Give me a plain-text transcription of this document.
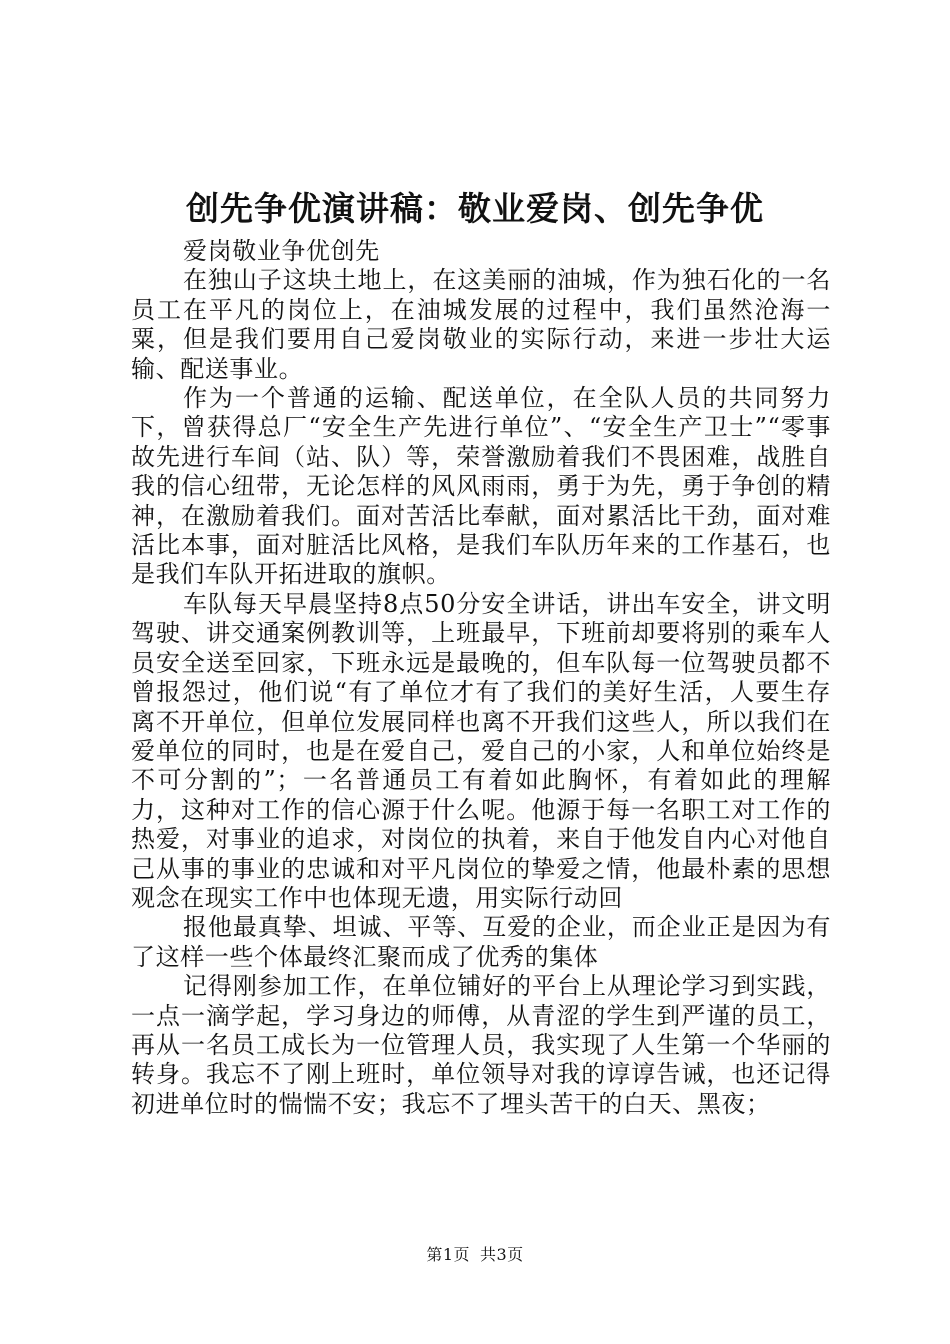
创先争优演讲稿：敬业爱岗、创先争优

爱岗敬业争优创先

在独山子这块土地上，在这美丽的油城，作为独石化的一名员工在平凡的岗位上，在油城发展的过程中，我们虽然沧海一粟，但是我们要用自己爱岗敬业的实际行动，来进一步壮大运输、配送事业。

作为一个普通的运输、配送单位，在全队人员的共同努力下，曾获得总厂“安全生产先进行单位”、“安全生产卫士”“零事故先进行车间（站、队）等，荣誉激励着我们不畏困难，战胜自我的信心纽带，无论怎样的风风雨雨，勇于为先，勇于争创的精神，在激励着我们。面对苦活比奉献，面对累活比干劲，面对难活比本事，面对脏活比风格，是我们车队历年来的工作基石，也是我们车队开拓进取的旗帜。

车队每天早晨坚持8点50分安全讲话，讲出车安全，讲文明驾驶、讲交通案例教训等，上班最早，下班前却要将别的乘车人员安全送至回家，下班永远是最晚的，但车队每一位驾驶员都不曾报怨过，他们说“有了单位才有了我们的美好生活，人要生存离不开单位，但单位发展同样也离不开我们这些人，所以我们在爱单位的同时，也是在爱自己，爱自己的小家，人和单位始终是不可分割的”；一名普通员工有着如此胸怀，有着如此的理解力，这种对工作的信心源于什么呢。他源于每一名职工对工作的热爱，对事业的追求，对岗位的执着，来自于他发自内心对他自己从事的事业的忠诚和对平凡岗位的挚爱之情，他最朴素的思想观念在现实工作中也体现无遗，用实际行动回

报他最真挚、坦诚、平等、互爱的企业，而企业正是因为有了这样一些个体最终汇聚而成了优秀的集体

记得刚参加工作，在单位铺好的平台上从理论学习到实践，一点一滴学起，学习身边的师傅，从青涩的学生到严谨的员工，再从一名员工成长为一位管理人员，我实现了人生第一个华丽的转身。我忘不了刚上班时，单位领导对我的谆谆告诫，也还记得初进单位时的惴惴不安；我忘不了埋头苦干的白天、黑夜；

第1页 共3页
